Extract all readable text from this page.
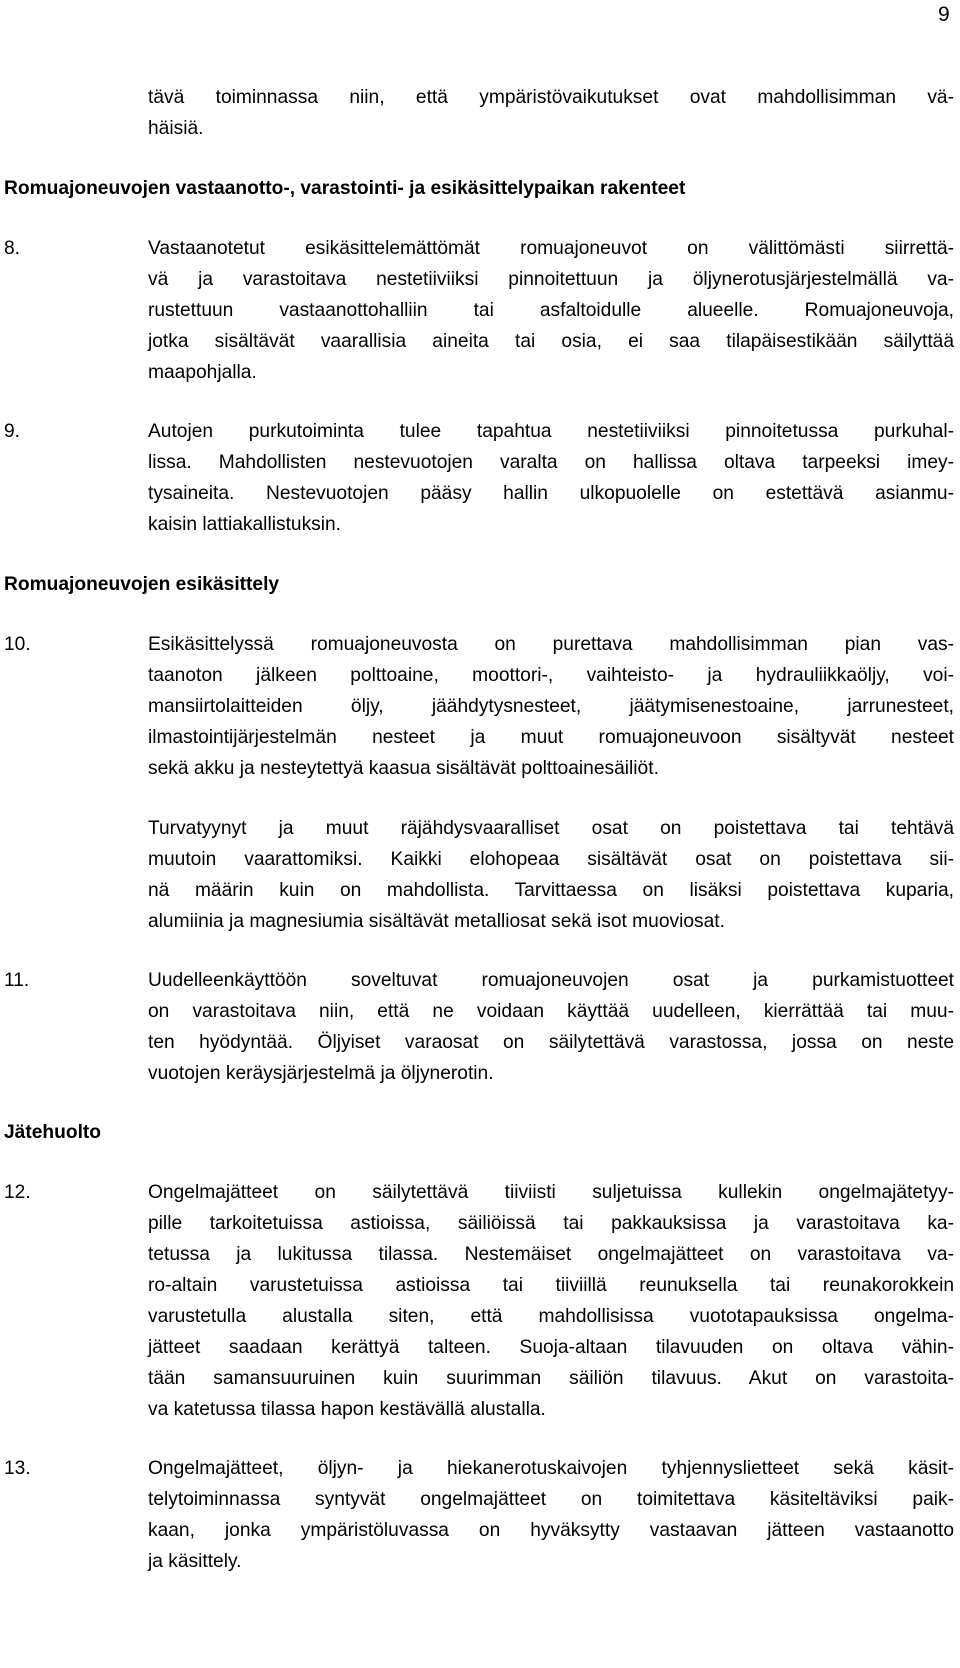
9
tävä toiminnassa niin, että ympäristövaikutukset ovat mahdollisimman vä-
häisiä.
Romuajoneuvojen vastaanotto-, varastointi- ja esikäsittelypaikan rakenteet
8.	Vastaanotetut esikäsittelemättömät romuajoneuvot on välittömästi siirrettä-
vä ja varastoitava nestetiiviiksi pinnoitettuun ja öljynerotusjärjestelmällä va-
rustettuun vastaanottohalliin tai asfaltoidulle alueelle. Romuajoneuvoja,
jotka sisältävät vaarallisia aineita tai osia, ei saa tilapäisestikään säilyttää
maapohjalla.
9.	Autojen purkutoiminta tulee tapahtua nestetiiviiksi pinnoitetussa purkuhal-
lissa. Mahdollisten nestevuotojen varalta on hallissa oltava tarpeeksi imey-
tysaineita. Nestevuotojen pääsy hallin ulkopuolelle on estettävä asianmu-
kaisin lattiakallistuksin.
Romuajoneuvojen esikäsittely
10.	Esikäsittelyssä romuajoneuvosta on purettava mahdollisimman pian vas-
taanoton jälkeen polttoaine, moottori-, vaihteisto- ja hydrauliikkaöljy, voi-
mansiirtolaitteiden öljy, jäähdytysnesteet, jäätymisenestoaine, jarrunesteet,
ilmastointijärjestelmän nesteet ja muut romuajoneuvoon sisältyvät nesteet
sekä akku ja nesteytettyä kaasua sisältävät polttoainesäiliöt.
Turvatyynyt ja muut räjähdysvaaralliset osat on poistettava tai tehtävä
muutoin vaarattomiksi. Kaikki elohopeaa sisältävät osat on poistettava sii-
nä määrin kuin on mahdollista. Tarvittaessa on lisäksi poistettava kuparia,
alumiinia ja magnesiumia sisältävät metalliosat sekä isot muoviosat.
11.	Uudelleenkäyttöön soveltuvat romuajoneuvojen osat ja purkamistuotteet
on varastoitava niin, että ne voidaan käyttää uudelleen, kierrättää tai muu-
ten hyödyntää. Öljyiset varaosat on säilytettävä varastossa, jossa on neste
vuotojen keräysjärjestelmä ja öljynerotin.
Jätehuolto
12.	Ongelmajätteet on säilytettävä tiiviisti suljetuissa kullekin ongelmajätetyy-
pille tarkoitetuissa astioissa, säiliöissä tai pakkauksissa ja varastoitava ka-
tetussa ja lukitussa tilassa. Nestemäiset ongelmajätteet on varastoitava va-
ro-altain varustetuissa astioissa tai tiiviillä reunuksella tai reunakorokkein
varustetulla alustalla siten, että mahdollisissa vuototapauksissa ongelma-
jätteet saadaan kerättyä talteen. Suoja-altaan tilavuuden on oltava vähin-
tään samansuuruinen kuin suurimman säiliön tilavuus. Akut on varastoita-
va katetussa tilassa hapon kestävällä alustalla.
13.	Ongelmajätteet, öljyn- ja hiekanerotuskaivojen tyhjennyslietteet sekä käsit-
telytoiminnassa syntyvät ongelmajätteet on toimitettava käsiteltäviksi paik-
kaan, jonka ympäristöluvassa on hyväksytty vastaavan jätteen vastaanotto
ja käsittely.
